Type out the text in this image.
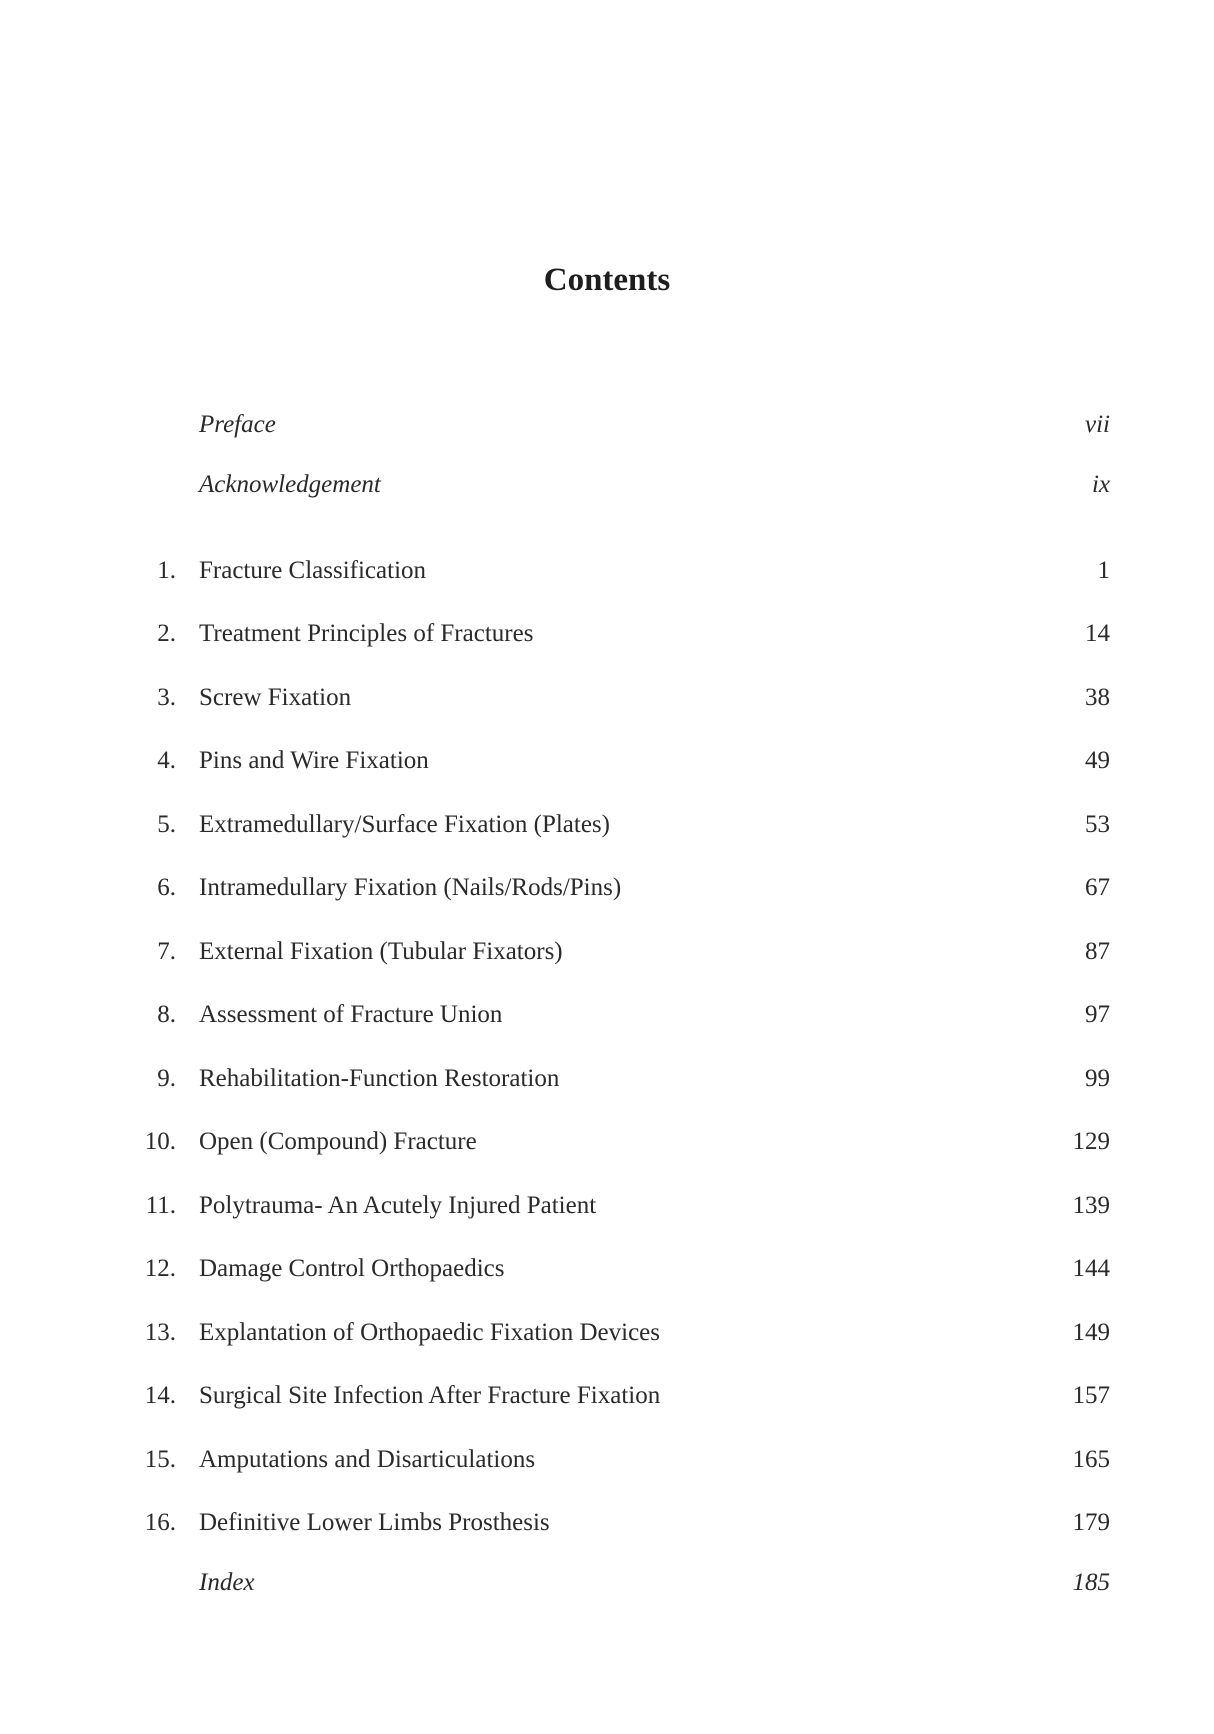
Contents
Preface	vii
Acknowledgement	ix
1. Fracture Classification	1
2. Treatment Principles of Fractures	14
3. Screw Fixation	38
4. Pins and Wire Fixation	49
5. Extramedullary/Surface Fixation (Plates)	53
6. Intramedullary Fixation (Nails/Rods/Pins)	67
7. External Fixation (Tubular Fixators)	87
8. Assessment of Fracture Union	97
9. Rehabilitation-Function Restoration	99
10. Open (Compound) Fracture	129
11. Polytrauma- An Acutely Injured Patient	139
12. Damage Control Orthopaedics	144
13. Explantation of Orthopaedic Fixation Devices	149
14. Surgical Site Infection After Fracture Fixation	157
15. Amputations and Disarticulations	165
16. Definitive Lower Limbs Prosthesis	179
Index	185
